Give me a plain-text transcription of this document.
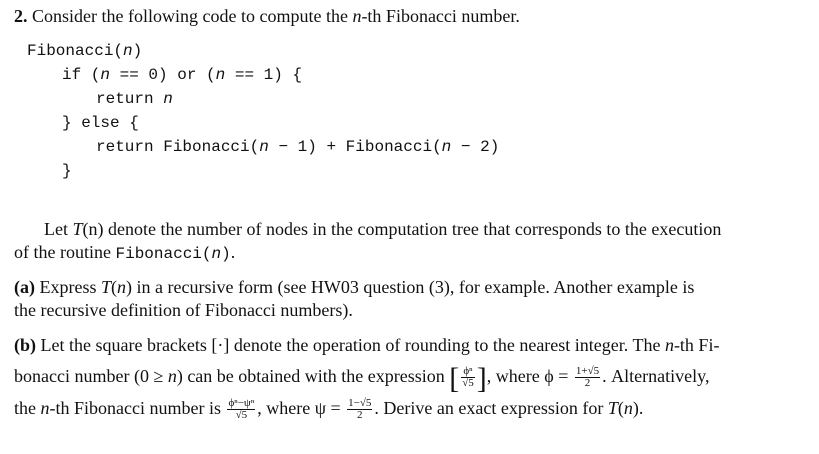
2. Consider the following code to compute the n-th Fibonacci number.
Fibonacci(n)
if (n == 0) or (n == 1) {
return n
} else {
return Fibonacci(n − 1) + Fibonacci(n − 2)
}
Let T(n) denote the number of nodes in the computation tree that corresponds to the execution
of the routine Fibonacci(n).
(a) Express T(n) in a recursive form (see HW03 question (3), for example. Another example is
the recursive definition of Fibonacci numbers).
(b) Let the square brackets [·] denote the operation of rounding to the nearest integer. The n-th Fi-
bonacci number (0 ≥ n) can be obtained with the expression [ $\frac{\text{ϕⁿ}}{√5}$ ], where $\phi = \frac{1+√5}{2}$ . Alternatively,
the n-th Fibonacci number is $\frac{\text{ϕⁿ−ψⁿ}}{√5}$ , where $\psi = \frac{1-√5}{2}$ . Derive an exact expression for T(n).
